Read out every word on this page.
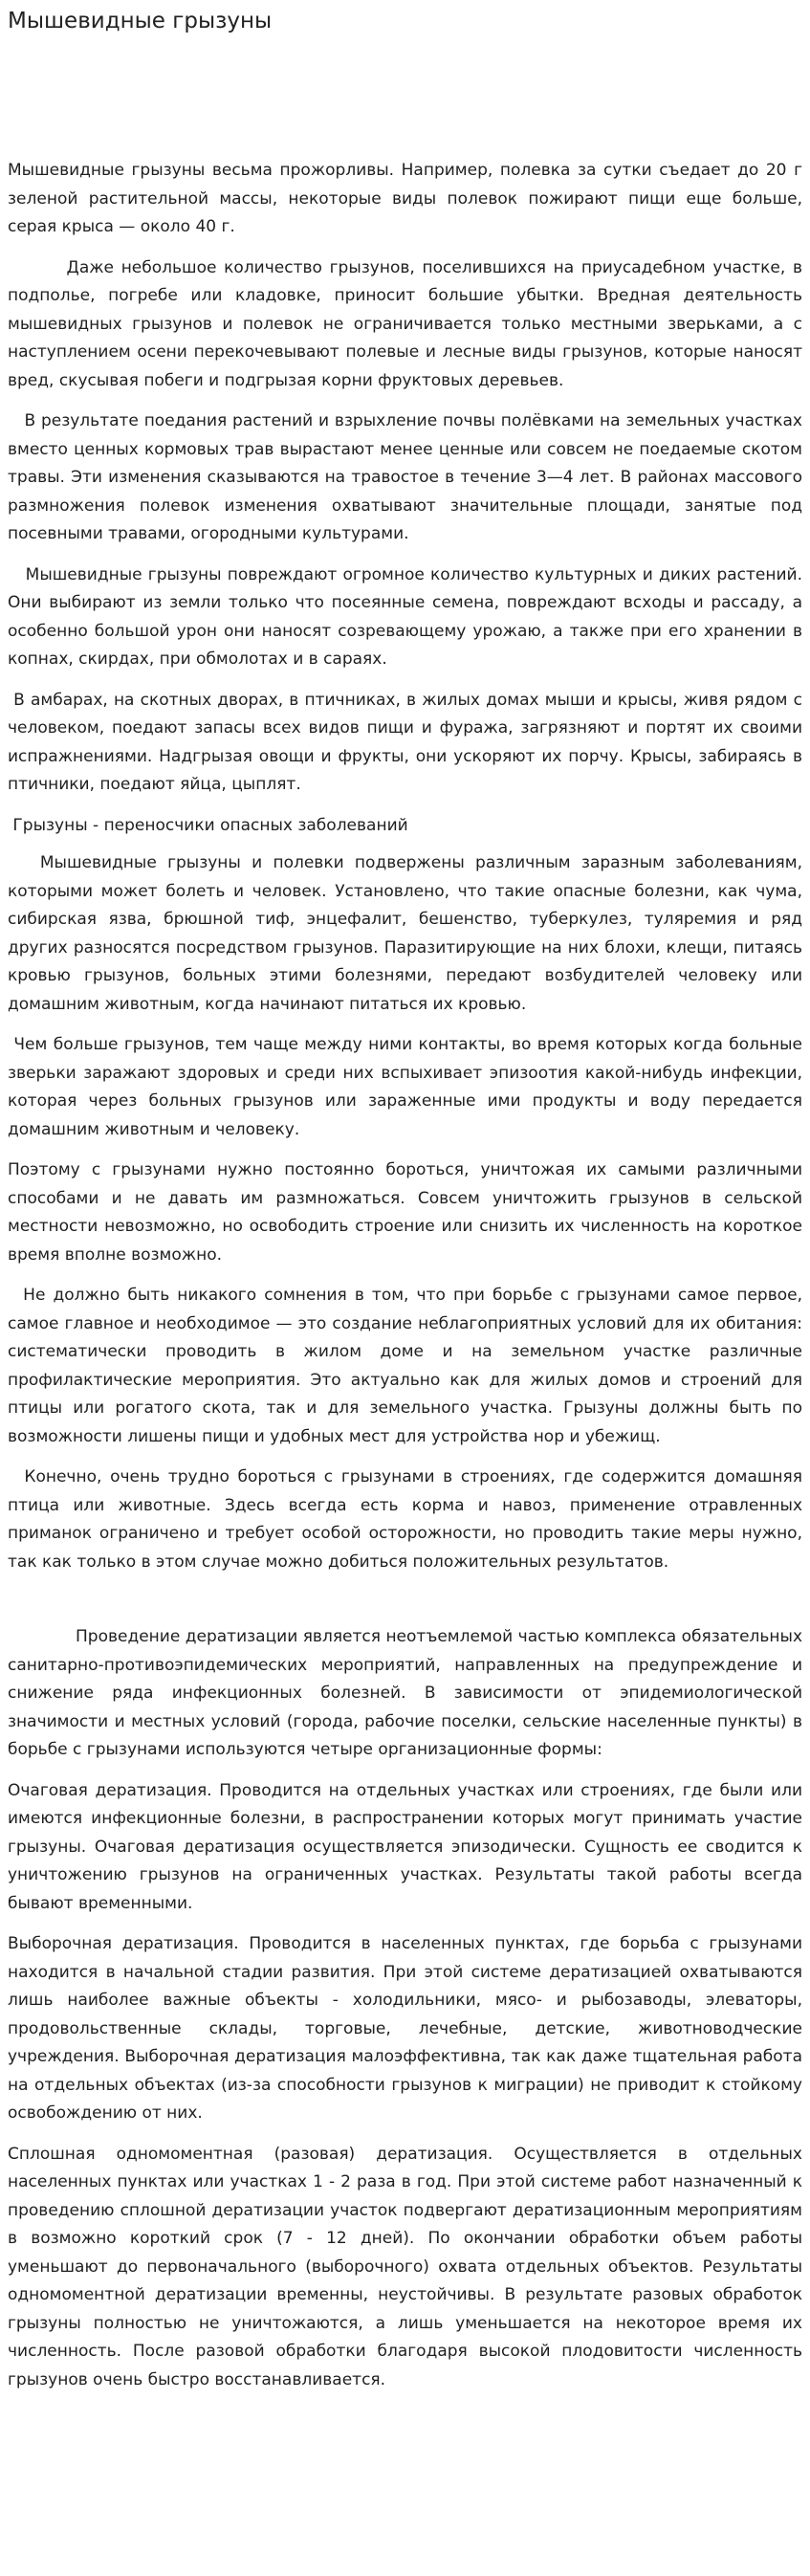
Мышевидные грызуны

Мышевидные грызуны весьма прожорливы. Например, полевка за сутки съедает до 20 г зеленой растительной массы, некоторые виды полевок пожирают пищи еще больше, серая крыса — около 40 г.

Даже небольшое количество грызунов, поселившихся на приусадебном участке, в подполье, погребе или кладовке, приносит большие убытки. Вредная деятельность мышевидных грызунов и полевок не ограничивается только местными зверьками, а с наступлением осени перекочевывают полевые и лесные виды грызунов, которые наносят вред, скусывая побеги и подгрызая корни фруктовых деревьев.

В результате поедания растений и взрыхление почвы полёвками на земельных участках вместо ценных кормовых трав вырастают менее ценные или совсем не поедаемые скотом травы. Эти изменения сказываются на травостое в течение 3—4 лет. В районах массового размножения полевок изменения охватывают значительные площади, занятые под посевными травами, огородными культурами.

Мышевидные грызуны повреждают огромное количество культурных и диких растений. Они выбирают из земли только что посеянные семена, повреждают всходы и рассаду, а особенно большой урон они наносят созревающему урожаю, а также при его хранении в копнах, скирдах, при обмолотах и в сараях.

В амбарах, на скотных дворах, в птичниках, в жилых домах мыши и крысы, живя рядом с человеком, поедают запасы всех видов пищи и фуража, загрязняют и портят их своими испражнениями. Надгрызая овощи и фрукты, они ускоряют их порчу. Крысы, забираясь в птичники, поедают яйца, цыплят.

Грызуны - переносчики опасных заболеваний

Мышевидные грызуны и полевки подвержены различным заразным заболеваниям, которыми может болеть и человек. Установлено, что такие опасные болезни, как чума, сибирская язва, брюшной тиф, энцефалит, бешенство, туберкулез, туляремия и ряд других разносятся посредством грызунов. Паразитирующие на них блохи, клещи, питаясь кровью грызунов, больных этими болезнями, передают возбудителей человеку или домашним животным, когда начинают питаться их кровью.

Чем больше грызунов, тем чаще между ними контакты, во время которых когда больные зверьки заражают здоровых и среди них вспыхивает эпизоотия какой-нибудь инфекции, которая через больных грызунов или зараженные ими продукты и воду передается домашним животным и человеку.

Поэтому с грызунами нужно постоянно бороться, уничтожая их самыми различными способами и не давать им размножаться. Совсем уничтожить грызунов в сельской местности невозможно, но освободить строение или снизить их численность на короткое время вполне возможно.

Не должно быть никакого сомнения в том, что при борьбе с грызунами самое первое, самое главное и необходимое — это создание неблагоприятных условий для их обитания: систематически проводить в жилом доме и на земельном участке различные профилактические мероприятия. Это актуально как для жилых домов и строений для птицы или рогатого скота, так и для земельного участка. Грызуны должны быть по возможности лишены пищи и удобных мест для устройства нор и убежищ.

Конечно, очень трудно бороться с грызунами в строениях, где содержится домашняя птица или животные. Здесь всегда есть корма и навоз, применение отравленных приманок ограничено и требует особой осторожности, но проводить такие меры нужно, так как только в этом случае можно добиться положительных результатов.

Проведение дератизации является неотъемлемой частью комплекса обязательных санитарно-противоэпидемических мероприятий, направленных на предупреждение и снижение ряда инфекционных болезней. В зависимости от эпидемиологической значимости и местных условий (города, рабочие поселки, сельские населенные пункты) в борьбе с грызунами используются четыре организационные формы:

Очаговая дератизация. Проводится на отдельных участках или строениях, где были или имеются инфекционные болезни, в распространении которых могут принимать участие грызуны. Очаговая дератизация осуществляется эпизодически. Сущность ее сводится к уничтожению грызунов на ограниченных участках. Результаты такой работы всегда бывают временными.

Выборочная дератизация. Проводится в населенных пунктах, где борьба с грызунами находится в начальной стадии развития. При этой системе дератизацией охватываются лишь наиболее важные объекты - холодильники, мясо- и рыбозаводы, элеваторы, продовольственные склады, торговые, лечебные, детские, животноводческие учреждения. Выборочная дератизация малоэффективна, так как даже тщательная работа на отдельных объектах (из-за способности грызунов к миграции) не приводит к стойкому освобождению от них.

Сплошная одномоментная (разовая) дератизация. Осуществляется в отдельных населенных пунктах или участках 1 - 2 раза в год. При этой системе работ назначенный к проведению сплошной дератизации участок подвергают дератизационным мероприятиям в возможно короткий срок (7 - 12 дней). По окончании обработки объем работы уменьшают до первоначального (выборочного) охвата отдельных объектов. Результаты одномоментной дератизации временны, неустойчивы. В результате разовых обработок грызуны полностью не уничтожаются, а лишь уменьшается на некоторое время их численность. После разовой обработки благодаря высокой плодовитости численность грызунов очень быстро восстанавливается.
